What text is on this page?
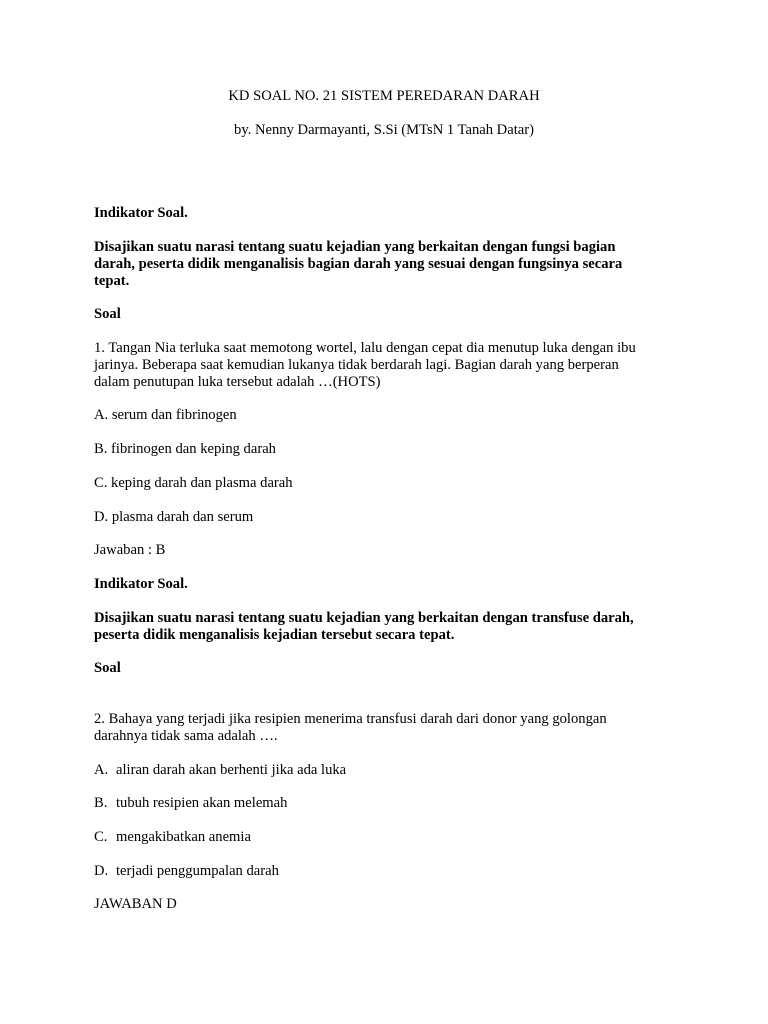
KD SOAL NO. 21 SISTEM PEREDARAN DARAH

by. Nenny Darmayanti, S.Si (MTsN 1 Tanah Datar)

Indikator Soal.

Disajikan suatu narasi tentang suatu kejadian yang berkaitan dengan fungsi bagian

darah, peserta didik menganalisis bagian darah yang sesuai dengan fungsinya secara

tepat.

Soal

1. Tangan Nia terluka saat memotong wortel, lalu dengan cepat dia menutup luka dengan ibu

jarinya. Beberapa saat kemudian lukanya tidak berdarah lagi. Bagian darah yang berperan

dalam penutupan luka tersebut adalah …(HOTS)

A. serum dan fibrinogen

B. fibrinogen dan keping darah

C. keping darah dan plasma darah

D. plasma darah dan serum

Jawaban : B

Indikator Soal.

Disajikan suatu narasi tentang suatu kejadian yang berkaitan dengan transfuse darah,

peserta didik menganalisis kejadian tersebut secara tepat.

Soal

2. Bahaya yang terjadi jika resipien menerima transfusi darah dari donor yang golongan

darahnya tidak sama adalah ….

A. aliran darah akan berhenti jika ada luka

B. tubuh resipien akan melemah

C. mengakibatkan anemia

D. terjadi penggumpalan darah

JAWABAN D
